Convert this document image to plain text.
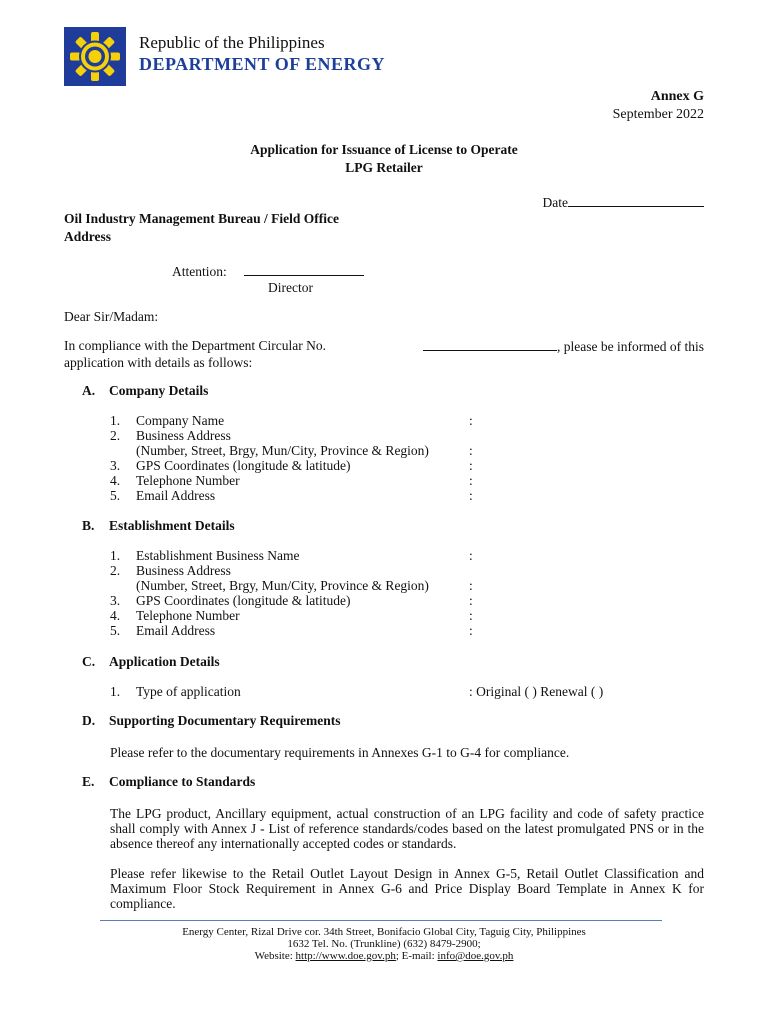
Republic of the Philippines
DEPARTMENT OF ENERGY
Annex G
September 2022
Application for Issuance of License to Operate
LPG Retailer
Date
Oil Industry Management Bureau / Field Office
Address
Attention:
Director
Dear Sir/Madam:
In compliance with the Department Circular No.	, please be informed of this
application with details as follows:
A. Company Details
1. Company Name
2. Business Address
(Number, Street, Brgy, Mun/City, Province & Region)
3. GPS Coordinates (longitude & latitude)
4. Telephone Number
5. Email Address
:
:
:
:
:
B. Establishment Details
1. Establishment Business Name
2. Business Address
(Number, Street, Brgy, Mun/City, Province & Region)
3. GPS Coordinates (longitude & latitude)
4. Telephone Number
5. Email Address
:
:
:
:
:
C. Application Details
1. Type of application	: Original ( ) Renewal ( )
D. Supporting Documentary Requirements
Please refer to the documentary requirements in Annexes G-1 to G-4 for compliance.
E. Compliance to Standards
The LPG product, Ancillary equipment, actual construction of an LPG facility and code of safety practice shall comply with Annex J - List of reference standards/codes based on the latest promulgated PNS or in the absence thereof any internationally accepted codes or standards.
Please refer likewise to the Retail Outlet Layout Design in Annex G-5, Retail Outlet Classification and Maximum Floor Stock Requirement in Annex G-6 and Price Display Board Template in Annex K for compliance.
Energy Center, Rizal Drive cor. 34th Street, Bonifacio Global City, Taguig City, Philippines
1632 Tel. No. (Trunkline) (632) 8479-2900;
Website: http://www.doe.gov.ph; E-mail: info@doe.gov.ph
